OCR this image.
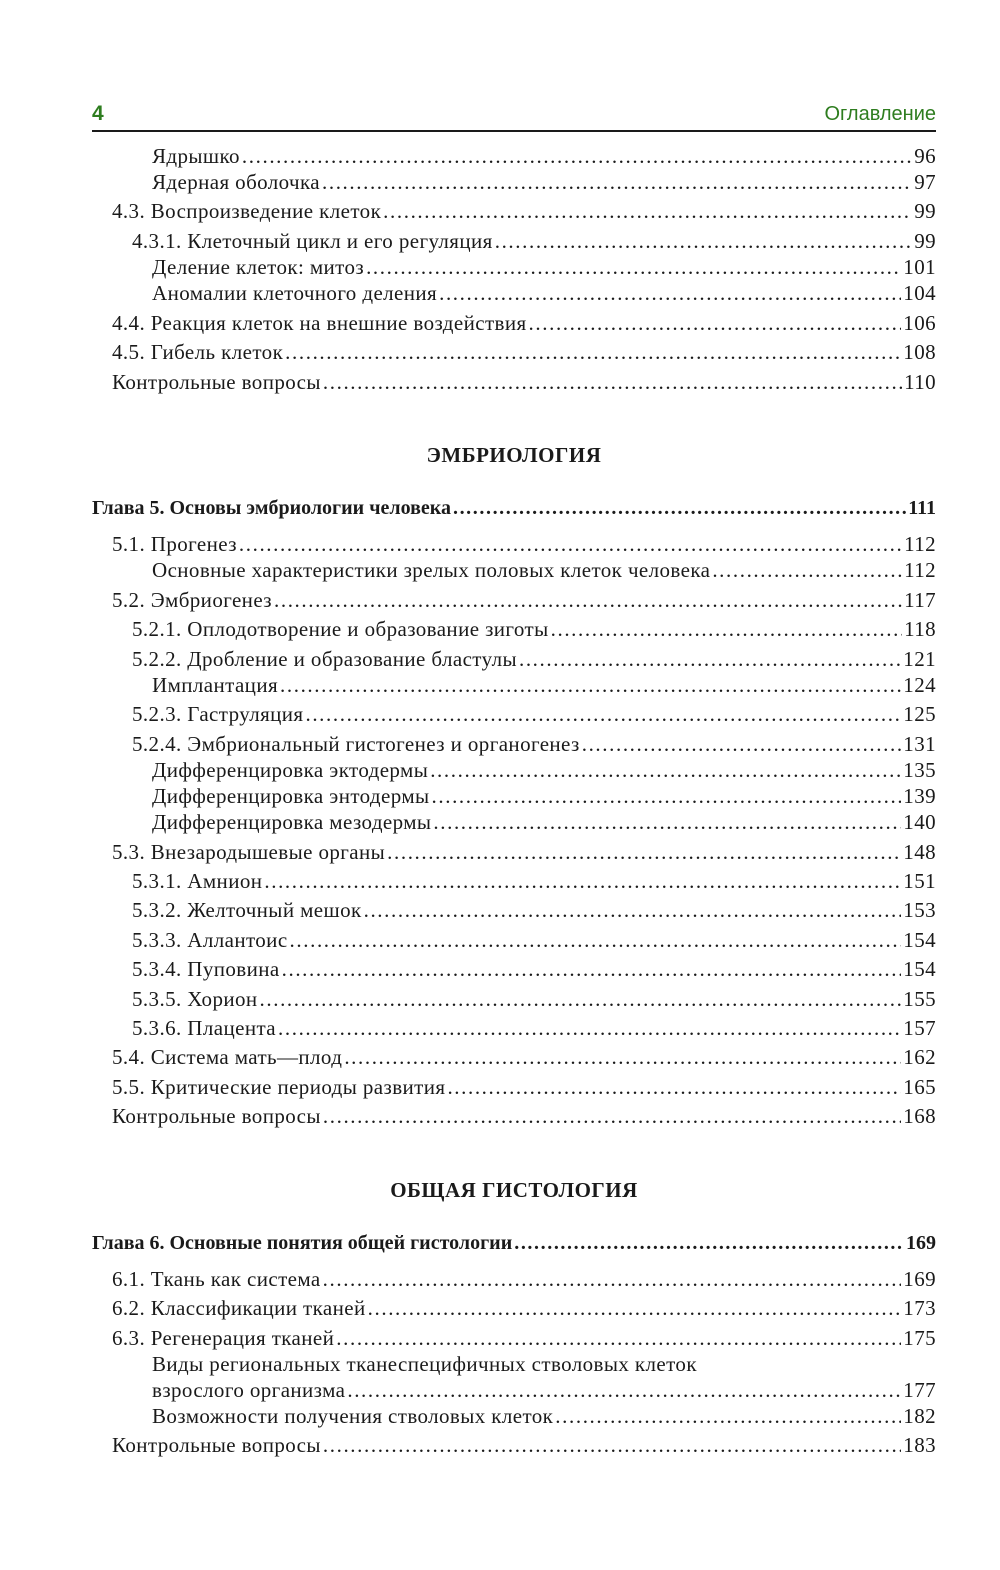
4	Оглавление
Ядрышко .....	96
Ядерная оболочка .....	97
4.3. Воспроизведение клеток .....	99
4.3.1. Клеточный цикл и его регуляция .....	99
Деление клеток: митоз .....	101
Аномалии клеточного деления .....	104
4.4. Реакция клеток на внешние воздействия .....	106
4.5. Гибель клеток .....	108
Контрольные вопросы .....	110
ЭМБРИОЛОГИЯ
Глава 5. Основы эмбриологии человека .....	111
5.1. Прогенез .....	112
Основные характеристики зрелых половых клеток человека .....	112
5.2. Эмбриогенез .....	117
5.2.1. Оплодотворение и образование зиготы .....	118
5.2.2. Дробление и образование бластулы .....	121
Имплантация .....	124
5.2.3. Гаструляция .....	125
5.2.4. Эмбриональный гистогенез и органогенез .....	131
Дифференцировка эктодермы .....	135
Дифференцировка энтодермы .....	139
Дифференцировка мезодермы .....	140
5.3. Внезародышевые органы .....	148
5.3.1. Амнион .....	151
5.3.2. Желточный мешок .....	153
5.3.3. Аллантоис .....	154
5.3.4. Пуповина .....	154
5.3.5. Хорион .....	155
5.3.6. Плацента .....	157
5.4. Система мать—плод .....	162
5.5. Критические периоды развития .....	165
Контрольные вопросы .....	168
ОБЩАЯ ГИСТОЛОГИЯ
Глава 6. Основные понятия общей гистологии .....	169
6.1. Ткань как система .....	169
6.2. Классификации тканей .....	173
6.3. Регенерация тканей .....	175
Виды региональных тканеспецифичных стволовых клеток
взрослого организма .....	177
Возможности получения стволовых клеток .....	182
Контрольные вопросы .....	183
